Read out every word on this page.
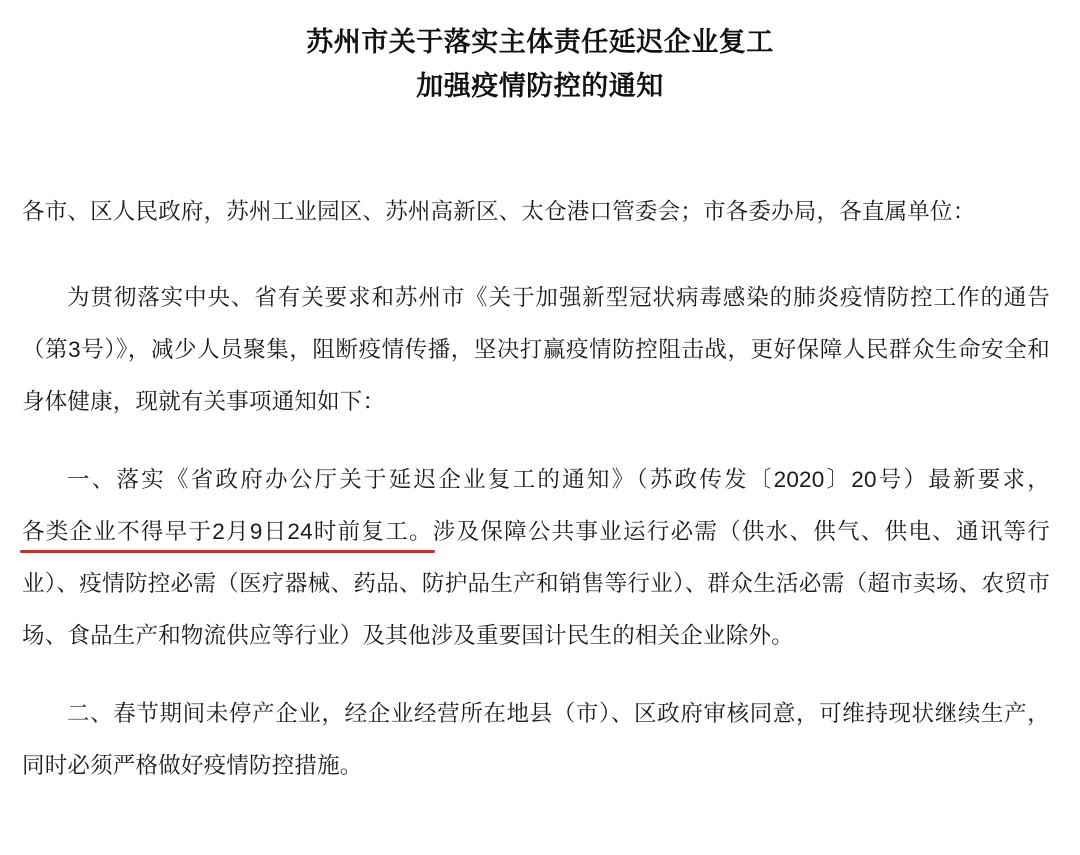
苏州市关于落实主体责任延迟企业复工
加强疫情防控的通知

各市、区人民政府，苏州工业园区、苏州高新区、太仓港口管委会；市各委办局，各直属单位：

为贯彻落实中央、省有关要求和苏州市《关于加强新型冠状病毒感染的肺炎疫情防控工作的通告（第3号）》，减少人员聚集，阻断疫情传播，坚决打赢疫情防控阻击战，更好保障人民群众生命安全和身体健康，现就有关事项通知如下：

一、落实《省政府办公厅关于延迟企业复工的通知》（苏政传发〔2020〕20号）最新要求，各类企业不得早于2月9日24时前复工。涉及保障公共事业运行必需（供水、供气、供电、通讯等行业）、疫情防控必需（医疗器械、药品、防护品生产和销售等行业）、群众生活必需（超市卖场、农贸市场、食品生产和物流供应等行业）及其他涉及重要国计民生的相关企业除外。

二、春节期间未停产企业，经企业经营所在地县（市）、区政府审核同意，可维持现状继续生产，同时必须严格做好疫情防控措施。
